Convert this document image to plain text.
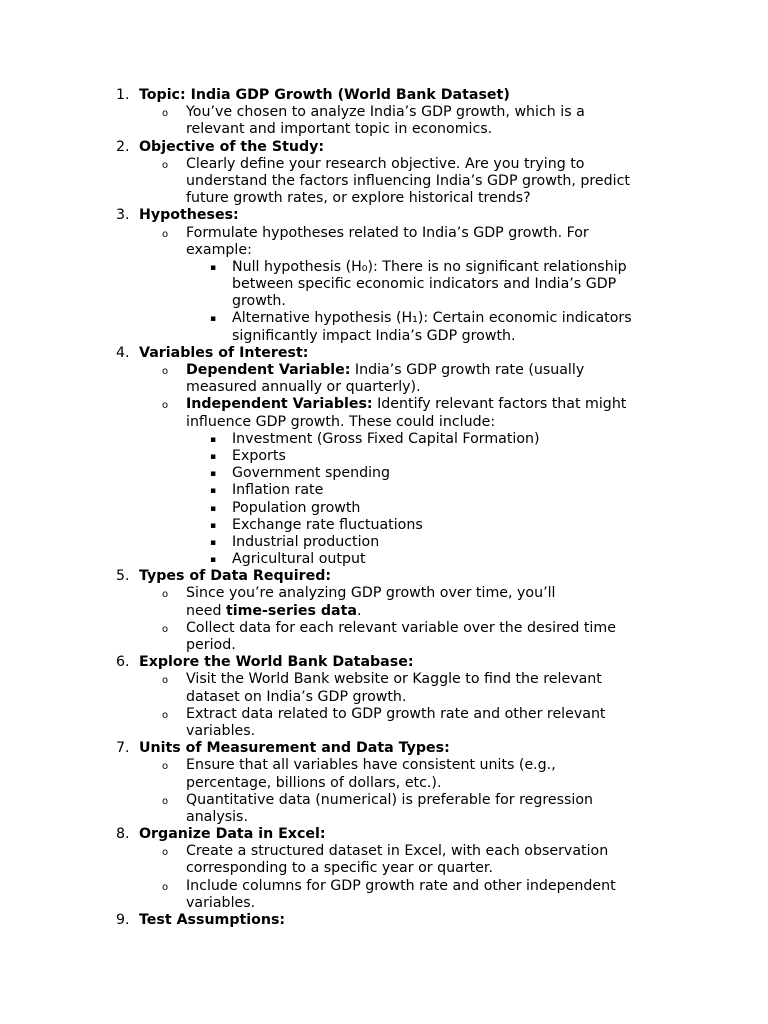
1. Topic: India GDP Growth (World Bank Dataset)
o You’ve chosen to analyze India’s GDP growth, which is a
relevant and important topic in economics.
2. Objective of the Study:
o Clearly define your research objective. Are you trying to
understand the factors influencing India’s GDP growth, predict
future growth rates, or explore historical trends?
3. Hypotheses:
o Formulate hypotheses related to India’s GDP growth. For
example:
▪ Null hypothesis (H₀): There is no significant relationship
between specific economic indicators and India’s GDP
growth.
▪ Alternative hypothesis (H₁): Certain economic indicators
significantly impact India’s GDP growth.
4. Variables of Interest:
o Dependent Variable: India’s GDP growth rate (usually
measured annually or quarterly).
o Independent Variables: Identify relevant factors that might
influence GDP growth. These could include:
▪ Investment (Gross Fixed Capital Formation)
▪ Exports
▪ Government spending
▪ Inflation rate
▪ Population growth
▪ Exchange rate fluctuations
▪ Industrial production
▪ Agricultural output
5. Types of Data Required:
o Since you’re analyzing GDP growth over time, you’ll
need time-series data.
o Collect data for each relevant variable over the desired time
period.
6. Explore the World Bank Database:
o Visit the World Bank website or Kaggle to find the relevant
dataset on India’s GDP growth.
o Extract data related to GDP growth rate and other relevant
variables.
7. Units of Measurement and Data Types:
o Ensure that all variables have consistent units (e.g.,
percentage, billions of dollars, etc.).
o Quantitative data (numerical) is preferable for regression
analysis.
8. Organize Data in Excel:
o Create a structured dataset in Excel, with each observation
corresponding to a specific year or quarter.
o Include columns for GDP growth rate and other independent
variables.
9. Test Assumptions:
